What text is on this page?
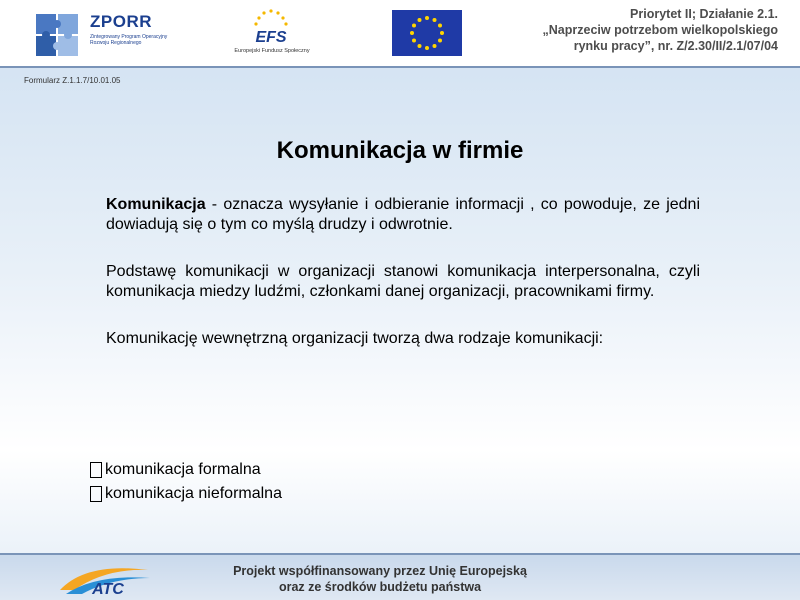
ZPORR
Zintegrowany Program Operacyjny Rozwoju Regionalnego	EFS
Europejski Fundusz Społeczny
Priorytet II; Działanie 2.1.
„Naprzeciw potrzebom wielkopolskiego
rynku pracy”, nr. Z/2.30/II/2.1/07/04
Formularz Z.1.1.7/10.01.05
Komunikacja w firmie

Komunikacja - oznacza wysyłanie i odbieranie informacji , co powoduje, ze jedni dowiadują się o tym co myślą drudzy i odwrotnie.

Podstawę komunikacji w organizacji stanowi komunikacja interpersonalna, czyli komunikacja miedzy ludźmi, członkami danej organizacji, pracownikami firmy.

Komunikację wewnętrzną organizacji tworzą dwa rodzaje komunikacji:

komunikacja formalna
komunikacja nieformalna
ATC
Projekt współfinansowany przez Unię Europejską
oraz ze środków budżetu państwa
